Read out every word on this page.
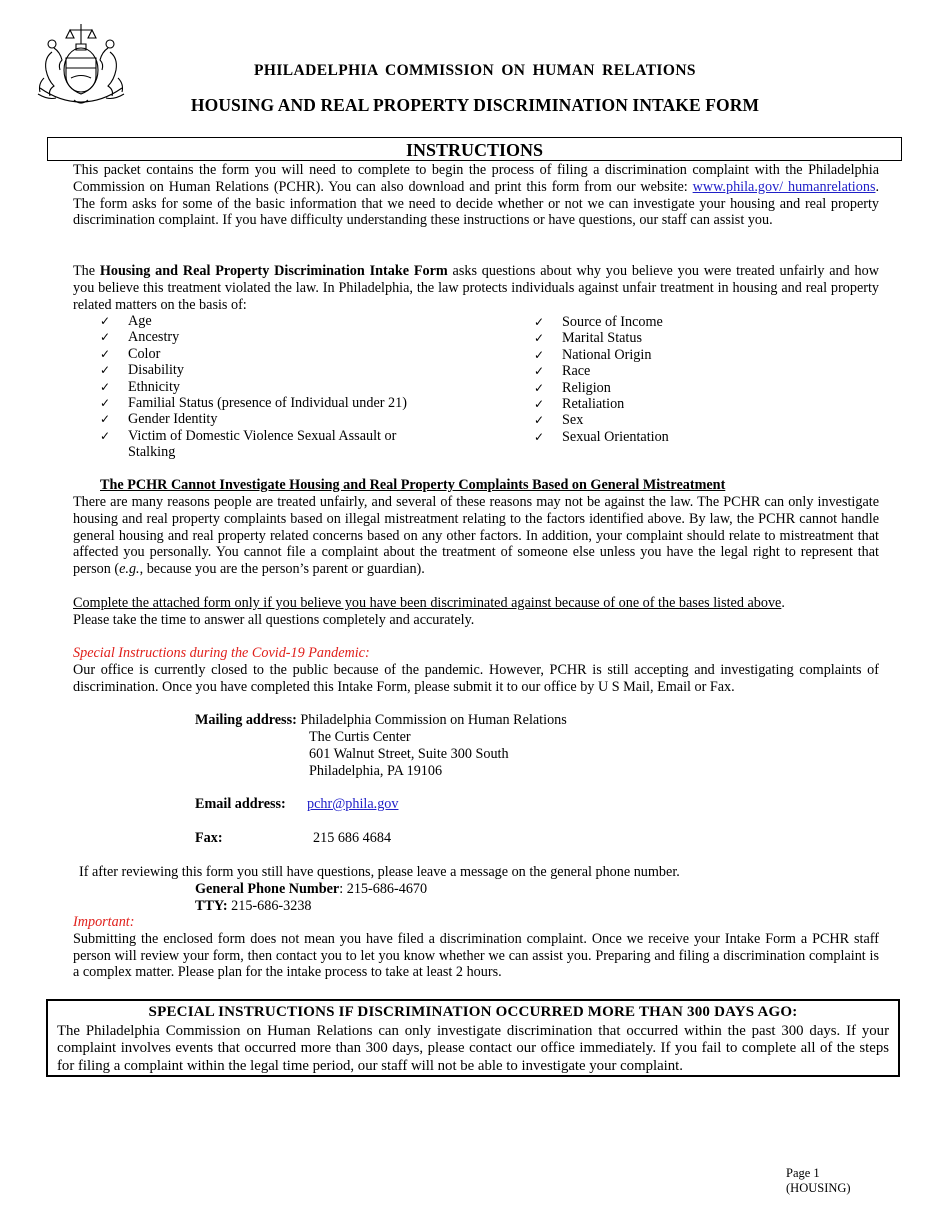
PHILADELPHIA COMMISSION ON HUMAN RELATIONS
HOUSING AND REAL PROPERTY DISCRIMINATION INTAKE FORM
INSTRUCTIONS
This packet contains the form you will need to complete to begin the process of filing a discrimination complaint with the Philadelphia Commission on Human Relations (PCHR). You can also download and print this form from our website: www.phila.gov/ humanrelations. The form asks for some of the basic information that we need to decide whether or not we can investigate your housing and real property discrimination complaint. If you have difficulty understanding these instructions or have questions, our staff can assist you.
The Housing and Real Property Discrimination Intake Form asks questions about why you believe you were treated unfairly and how you believe this treatment violated the law. In Philadelphia, the law protects individuals against unfair treatment in housing and real property related matters on the basis of:
✓ Age
✓ Ancestry
✓ Color
✓ Disability
✓ Ethnicity
✓ Familial Status (presence of Individual under 21)
✓ Gender Identity
✓ Victim of Domestic Violence Sexual Assault or Stalking
✓ Source of Income
✓ Marital Status
✓ National Origin
✓ Race
✓ Religion
✓ Retaliation
✓ Sex
✓ Sexual Orientation
The PCHR Cannot Investigate Housing and Real Property Complaints Based on General Mistreatment
There are many reasons people are treated unfairly, and several of these reasons may not be against the law. The PCHR can only investigate housing and real property complaints based on illegal mistreatment relating to the factors identified above. By law, the PCHR cannot handle general housing and real property related concerns based on any other factors. In addition, your complaint should relate to mistreatment that affected you personally. You cannot file a complaint about the treatment of someone else unless you have the legal right to represent that person (e.g., because you are the person’s parent or guardian).
Complete the attached form only if you believe you have been discriminated against because of one of the bases listed above.
Please take the time to answer all questions completely and accurately.
Special Instructions during the Covid-19 Pandemic:
Our office is currently closed to the public because of the pandemic. However, PCHR is still accepting and investigating complaints of discrimination. Once you have completed this Intake Form, please submit it to our office by U S Mail, Email or Fax.
Mailing address: Philadelphia Commission on Human Relations
The Curtis Center
601 Walnut Street, Suite 300 South
Philadelphia, PA 19106
Email address: pchr@phila.gov
Fax:	215 686 4684
If after reviewing this form you still have questions, please leave a message on the general phone number.
General Phone Number: 215-686-4670
TTY: 215-686-3238
Important:
Submitting the enclosed form does not mean you have filed a discrimination complaint. Once we receive your Intake Form a PCHR staff person will review your form, then contact you to let you know whether we can assist you. Preparing and filing a discrimination complaint is a complex matter. Please plan for the intake process to take at least 2 hours.
SPECIAL INSTRUCTIONS IF DISCRIMINATION OCCURRED MORE THAN 300 DAYS AGO:
The Philadelphia Commission on Human Relations can only investigate discrimination that occurred within the past 300 days. If your complaint involves events that occurred more than 300 days, please contact our office immediately. If you fail to complete all of the steps for filing a complaint within the legal time period, our staff will not be able to investigate your complaint.
Page 1
(HOUSING)
